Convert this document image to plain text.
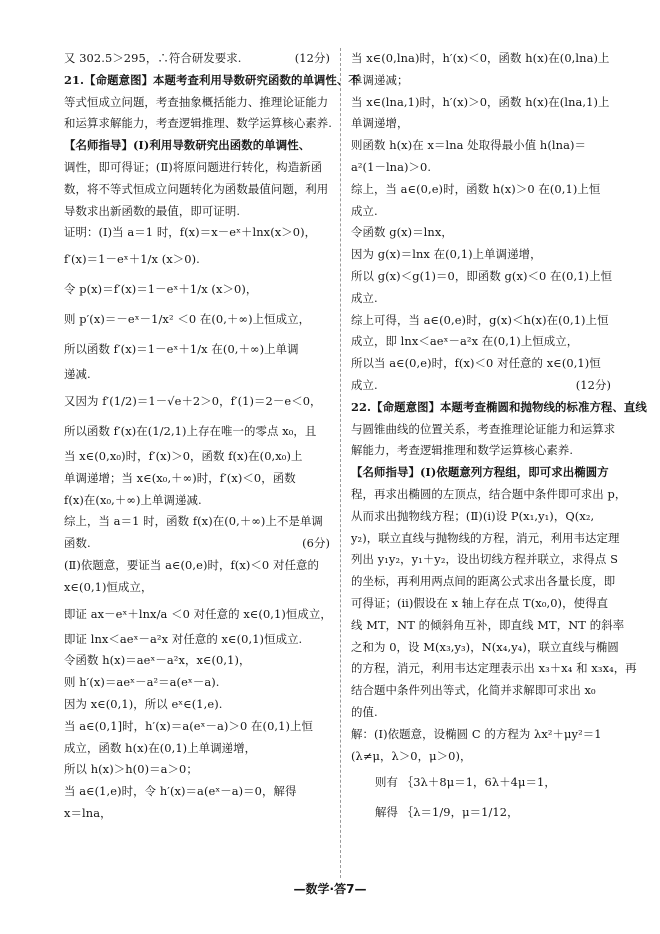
又 302.5＞295，∴符合研发要求.	(12分)
21.【命题意图】本题考查利用导数研究函数的单调性、不
等式恒成立问题，考查抽象概括能力、推理论证能力
和运算求解能力，考查逻辑推理、数学运算核心素养.
【名师指导】(Ⅰ)利用导数研究出函数的单调性、
调性，即可得证；(Ⅱ)将原问题进行转化，构造新函
数，将不等式恒成立问题转化为函数最值问题，利用
导数求出新函数的最值，即可证明.
证明：(Ⅰ)当 a＝1 时，f(x)＝x－eˣ＋lnx(x＞0)，
f′(x)＝1－eˣ＋1/x (x＞0).
令 p(x)＝f′(x)＝1－eˣ＋1/x (x＞0)，
则 p′(x)＝－eˣ－1/x² ＜0 在(0,＋∞)上恒成立，
所以函数 f′(x)＝1－eˣ＋1/x 在(0,＋∞)上单调
递减.
又因为 f′(1/2)＝1－√e＋2＞0，f′(1)＝2－e＜0，
所以函数 f′(x)在(1/2,1)上存在唯一的零点 x₀，且
当 x∈(0,x₀)时，f′(x)＞0，函数 f(x)在(0,x₀)上
单调递增；当 x∈(x₀,＋∞)时，f′(x)＜0，函数
f(x)在(x₀,＋∞)上单调递减.
综上，当 a＝1 时，函数 f(x)在(0,＋∞)上不是单调
函数.	(6分)
(Ⅱ)依题意，要证当 a∈(0,e)时，f(x)＜0 对任意的
x∈(0,1)恒成立，
即证 ax－eˣ＋lnx/a ＜0 对任意的 x∈(0,1)恒成立，
即证 lnx＜aeˣ－a²x 对任意的 x∈(0,1)恒成立.
令函数 h(x)＝aeˣ－a²x，x∈(0,1)，
则 h′(x)＝aeˣ－a²＝a(eˣ－a).
因为 x∈(0,1)，所以 eˣ∈(1,e).
当 a∈(0,1]时，h′(x)＝a(eˣ－a)＞0 在(0,1)上恒
成立，函数 h(x)在(0,1)上单调递增，
所以 h(x)＞h(0)＝a＞0；
当 a∈(1,e)时，令 h′(x)＝a(eˣ－a)＝0，解得
x＝lna，
当 x∈(0,lna)时，h′(x)＜0，函数 h(x)在(0,lna)上
单调递减；
当 x∈(lna,1)时，h′(x)＞0，函数 h(x)在(lna,1)上
单调递增，
则函数 h(x)在 x＝lna 处取得最小值 h(lna)＝
a²(1－lna)＞0.
综上，当 a∈(0,e)时，函数 h(x)＞0 在(0,1)上恒
成立.
令函数 g(x)＝lnx，
因为 g(x)＝lnx 在(0,1)上单调递增，
所以 g(x)＜g(1)＝0，即函数 g(x)＜0 在(0,1)上恒
成立.
综上可得，当 a∈(0,e)时，g(x)＜h(x)在(0,1)上恒
成立，即 lnx＜aeˣ－a²x 在(0,1)上恒成立，
所以当 a∈(0,e)时，f(x)＜0 对任意的 x∈(0,1)恒
成立.	(12分)
22.【命题意图】本题考查椭圆和抛物线的标准方程、直线
与圆锥曲线的位置关系，考查推理论证能力和运算求
解能力，考查逻辑推理和数学运算核心素养.
【名师指导】(Ⅰ)依题意列方程组，即可求出椭圆方
程，再求出椭圆的左顶点，结合题中条件即可求出 p，
从而求出抛物线方程；(Ⅱ)(ⅰ)设 P(x₁,y₁)，Q(x₂,
y₂)，联立直线与抛物线的方程，消元，利用韦达定理
列出 y₁y₂，y₁＋y₂，设出切线方程并联立，求得点 S
的坐标，再利用两点间的距离公式求出各量长度，即
可得证；(ⅱ)假设在 x 轴上存在点 T(x₀,0)，使得直
线 MT，NT 的倾斜角互补，即直线 MT，NT 的斜率
之和为 0，设 M(x₃,y₃)，N(x₄,y₄)，联立直线与椭圆
的方程，消元，利用韦达定理表示出 x₃＋x₄ 和 x₃x₄，再
结合题中条件列出等式，化简并求解即可求出 x₀
的值.
解：(Ⅰ)依题意，设椭圆 C 的方程为 λx²＋μy²＝1
(λ≠μ，λ＞0，μ＞0)，
则有 ｛3λ＋8μ＝1，6λ＋4μ＝1，
解得 ｛λ＝1/9，μ＝1/12，
—数学·答7—
